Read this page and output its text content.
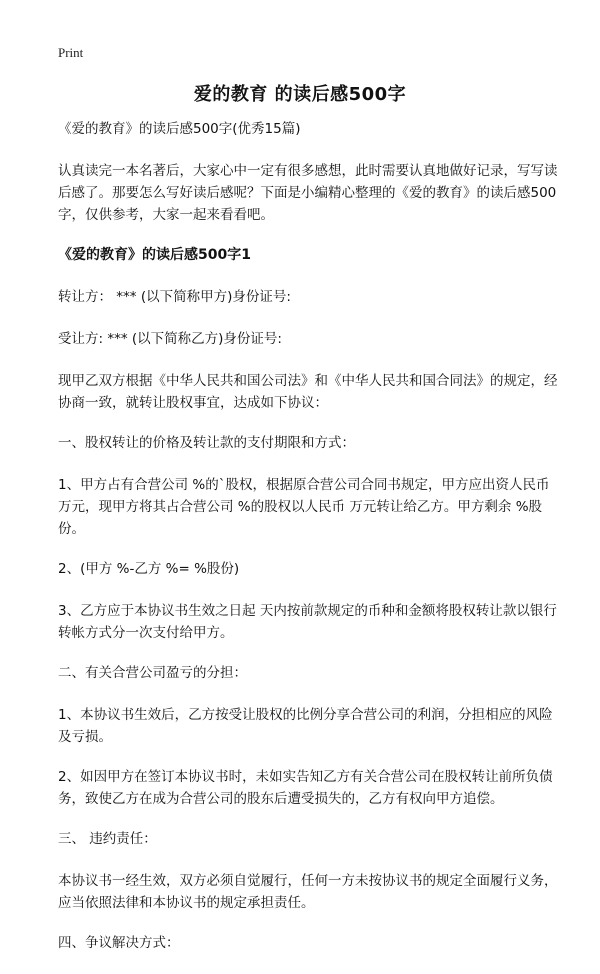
Print
爱的教育 的读后感500字
《爱的教育》的读后感500字(优秀15篇)
认真读完一本名著后，大家心中一定有很多感想，此时需要认真地做好记录，写写读后感了。那要怎么写好读后感呢？下面是小编精心整理的《爱的教育》的读后感500字，仅供参考，大家一起来看看吧。
《爱的教育》的读后感500字1
转让方： *** (以下简称甲方)身份证号:
受让方: *** (以下简称乙方)身份证号:
现甲乙双方根据《中华人民共和国公司法》和《中华人民共和国合同法》的规定，经协商一致，就转让股权事宜，达成如下协议：
一、股权转让的价格及转让款的支付期限和方式：
1、甲方占有合营公司 %的`股权，根据原合营公司合同书规定，甲方应出资人民币 万元，现甲方将其占合营公司 %的股权以人民币 万元转让给乙方。甲方剩余 %股份。
2、(甲方 %-乙方 %= %股份)
3、乙方应于本协议书生效之日起 天内按前款规定的币种和金额将股权转让款以银行转帐方式分一次支付给甲方。
二、有关合营公司盈亏的分担：
1、本协议书生效后，乙方按受让股权的比例分享合营公司的利润，分担相应的风险及亏损。
2、如因甲方在签订本协议书时，未如实告知乙方有关合营公司在股权转让前所负债务，致使乙方在成为合营公司的股东后遭受损失的，乙方有权向甲方追偿。
三、 违约责任：
本协议书一经生效，双方必须自觉履行，任何一方未按协议书的规定全面履行义务，应当依照法律和本协议书的规定承担责任。
四、争议解决方式：
